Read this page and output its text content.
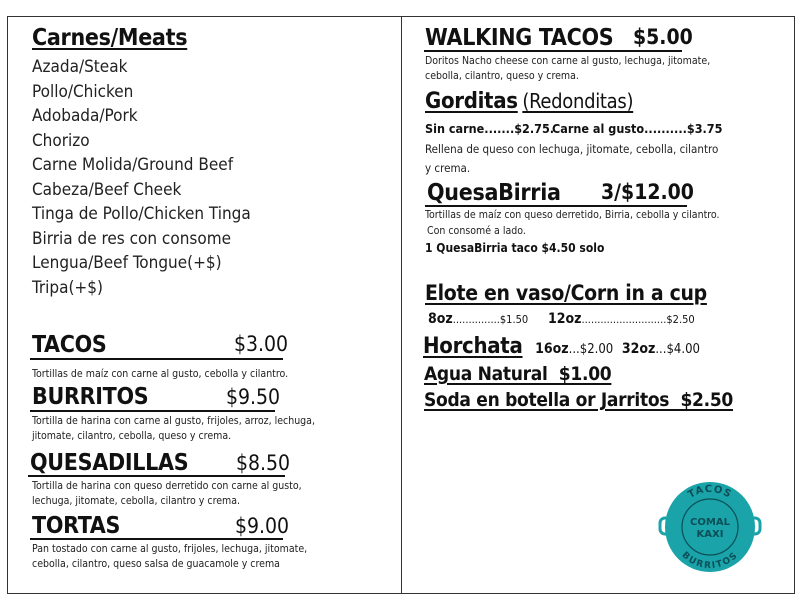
Carnes/Meats
Azada/Steak
Pollo/Chicken
Adobada/Pork
Chorizo
Carne Molida/Ground Beef
Cabeza/Beef Cheek
Tinga de Pollo/Chicken Tinga
Birria de res con consome
Lengua/Beef Tongue(+$)
Tripa(+$)
TACOS	$3.00
Tortillas de maíz con carne al gusto, cebolla y cilantro.
BURRITOS	$9.50
Tortilla de harina con carne al gusto, frijoles, arroz, lechuga,
jitomate, cilantro, cebolla, queso y crema.
QUESADILLAS $8.50
Tortilla de harina con queso derretido con carne al gusto,
lechuga, jitomate, cebolla, cilantro y crema.
TORTAS	$9.00
Pan tostado con carne al gusto, frijoles, lechuga, jitomate,
cebolla, cilantro, queso salsa de guacamole y crema
WALKING TACOS $5.00
Doritos Nacho cheese con carne al gusto, lechuga, jitomate,
cebolla, cilantro, queso y crema.
Gorditas (Redonditas)
Sin carne.......$2.75.
Carne al gusto..........$3.75
Rellena de queso con lechuga, jitomate, cebolla, cilantro
y crema.
QuesaBirria 3/$12.00
Tortillas de maíz con queso derretido, Birria, cebolla y cilantro.
Con consomé a lado.
1 QuesaBirria taco $4.50 solo
Elote en vaso/Corn in a cup
8oz...............$1.50 12oz...........................$2.50
Horchata 16oz...$2.00 32oz...$4.00
Agua Natural  $1.00
Soda en botella or Jarritos  $2.50
TACOS
BURRITOS
COMAL
KAXI
